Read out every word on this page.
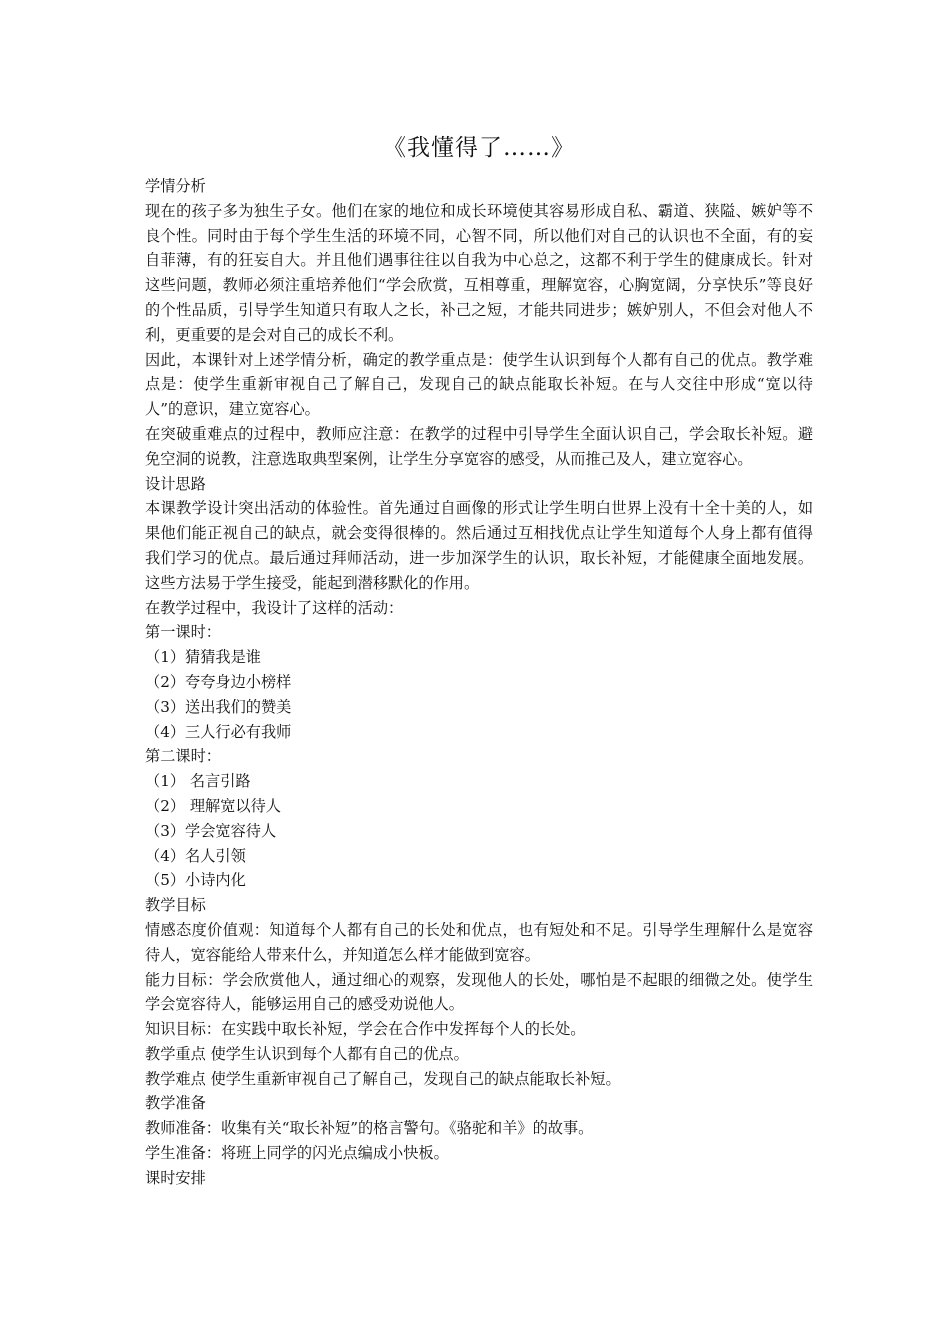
《我懂得了……》

学情分析

现在的孩子多为独生子女。他们在家的地位和成长环境使其容易形成自私、霸道、狭隘、嫉妒等不良个性。同时由于每个学生生活的环境不同，心智不同，所以他们对自己的认识也不全面，有的妄自菲薄，有的狂妄自大。并且他们遇事往往以自我为中心总之，这都不利于学生的健康成长。针对这些问题，教师必须注重培养他们“学会欣赏，互相尊重，理解宽容，心胸宽阔，分享快乐”等良好的个性品质，引导学生知道只有取人之长，补己之短，才能共同进步；嫉妒别人，不但会对他人不利，更重要的是会对自己的成长不利。

因此，本课针对上述学情分析，确定的教学重点是：使学生认识到每个人都有自己的优点。教学难点是：使学生重新审视自己了解自己，发现自己的缺点能取长补短。在与人交往中形成“宽以待人”的意识，建立宽容心。

在突破重难点的过程中，教师应注意：在教学的过程中引导学生全面认识自己，学会取长补短。避免空洞的说教，注意选取典型案例，让学生分享宽容的感受，从而推己及人，建立宽容心。

设计思路

本课教学设计突出活动的体验性。首先通过自画像的形式让学生明白世界上没有十全十美的人，如果他们能正视自己的缺点，就会变得很棒的。然后通过互相找优点让学生知道每个人身上都有值得我们学习的优点。最后通过拜师活动，进一步加深学生的认识，取长补短，才能健康全面地发展。这些方法易于学生接受，能起到潜移默化的作用。

在教学过程中，我设计了这样的活动：

第一课时：

（1）猜猜我是谁

（2）夸夸身边小榜样

（3）送出我们的赞美

（4）三人行必有我师

第二课时：

（1） 名言引路

（2） 理解宽以待人

（3）学会宽容待人

（4）名人引领

（5）小诗内化

教学目标

情感态度价值观：知道每个人都有自己的长处和优点，也有短处和不足。引导学生理解什么是宽容待人，宽容能给人带来什么，并知道怎么样才能做到宽容。

能力目标：学会欣赏他人，通过细心的观察，发现他人的长处，哪怕是不起眼的细微之处。使学生学会宽容待人，能够运用自己的感受劝说他人。

知识目标：在实践中取长补短，学会在合作中发挥每个人的长处。

教学重点 使学生认识到每个人都有自己的优点。

教学难点 使学生重新审视自己了解自己，发现自己的缺点能取长补短。

教学准备

教师准备：收集有关“取长补短”的格言警句。《骆驼和羊》的故事。

学生准备：将班上同学的闪光点编成小快板。

课时安排
